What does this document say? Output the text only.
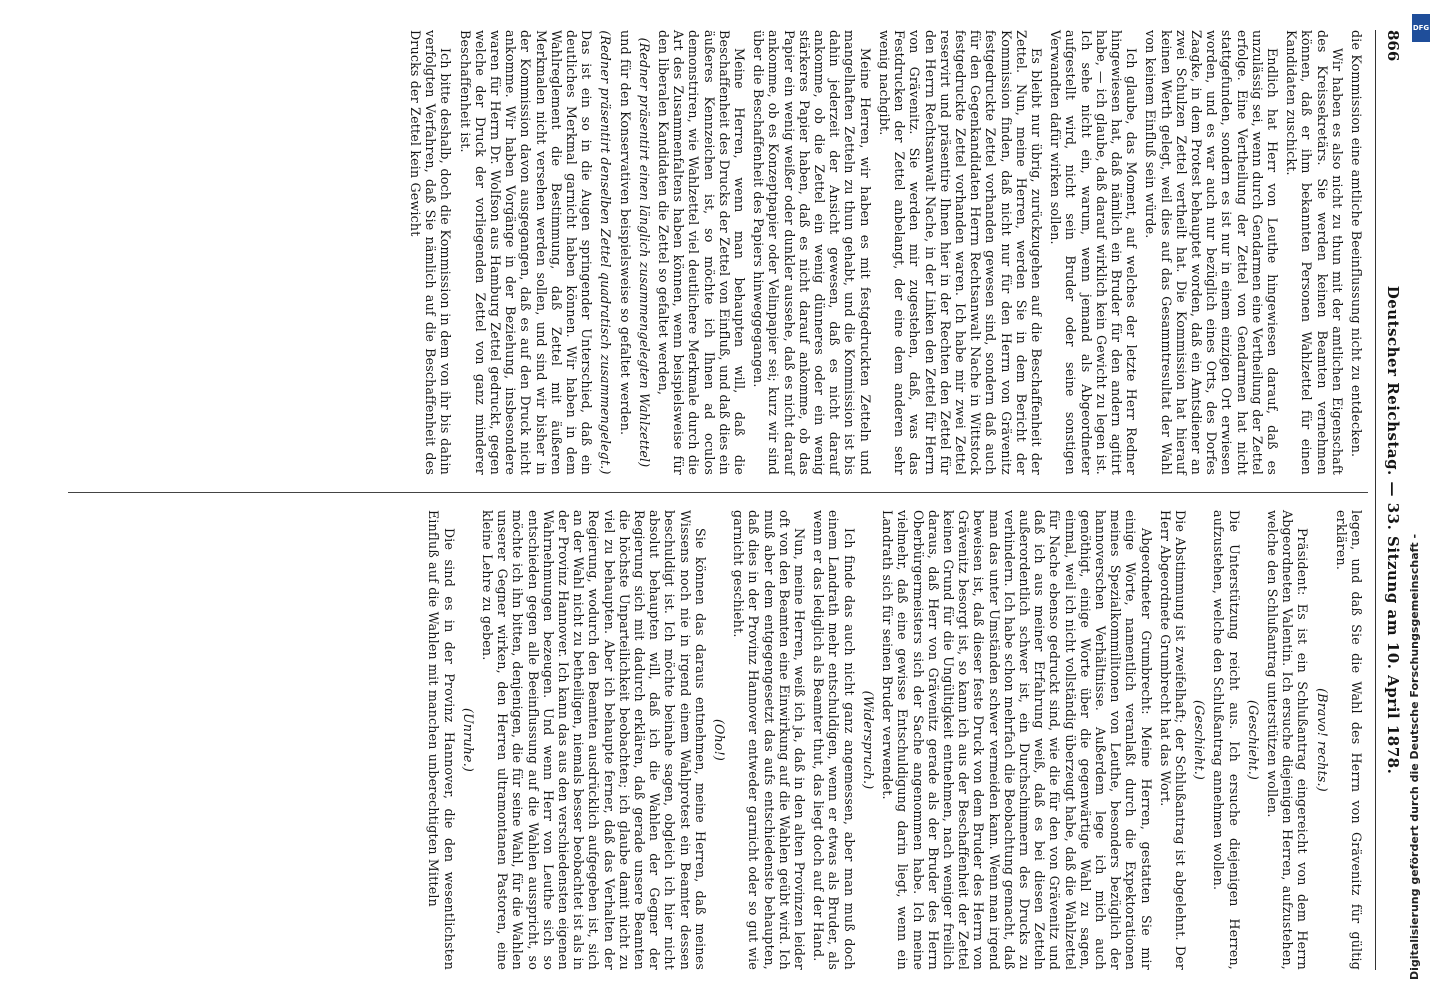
866
Deutscher Reichstag. — 33. Sitzung am 10. April 1878.

die Kommission eine amtliche Beeinflussung nicht zu entdecken.

Wir haben es also nicht zu thun mit der amtlichen Eigenschaft des Kreissekretärs. Sie werden keinen Beamten vernehmen können, daß er ihm bekannten Personen Wahlzettel für einen Kandidaten zuschickt.

Endlich hat Herr von Leuthe hingewiesen darauf, daß es unzulässig sei, wenn durch Gendarmen eine Vertheilung der Zettel erfolge. Eine Vertheilung der Zettel von Gendarmen hat nicht stattgefunden, sondern es ist nur in einem einzigen Ort erwiesen worden, und es war auch nur bezüglich eines Orts, des Dorfes Zaagke, in dem Protest behauptet worden, daß ein Amtsdiener an zwei Schulzen Zettel vertheilt hat. Die Kommission hat hierauf keinen Werth gelegt, weil dies auf das Gesammtresultat der Wahl von keinem Einfluß sein würde.

Ich glaube, das Moment, auf welches der letzte Herr Redner hingewiesen hat, daß nämlich ein Bruder für den andern agitirt habe, — ich glaube, daß darauf wirklich kein Gewicht zu legen ist. Ich sehe nicht ein, warum, wenn jemand als Abgeordneter aufgestellt wird, nicht sein Bruder oder seine sonstigen Verwandten dafür wirken sollen.

Es bleibt nur übrig, zurückzugehen auf die Beschaffenheit der Zettel. Nun, meine Herren, werden Sie in dem Bericht der Kommission finden, daß nicht nur für den Herrn von Grävenitz festgedruckte Zettel vorhanden gewesen sind, sondern daß auch für den Gegenkandidaten Herrn Rechtsanwalt Nache in Wittstock festgedruckte Zettel vorhanden waren. Ich habe mir zwei Zettel reservirt und präsentire Ihnen hier in der Rechten den Zettel für den Herrn Rechtsanwalt Nache, in der Linken den Zettel für Herrn von Grävenitz. Sie werden mir zugestehen, daß, was das Festdrucken der Zettel anbelangt, der eine dem anderen sehr wenig nachgibt.

Meine Herren, wir haben es mit festgedruckten Zetteln und mangelhaften Zetteln zu thun gehabt, und die Kommission ist bis dahin jederzeit der Ansicht gewesen, daß es nicht darauf ankomme, ob die Zettel ein wenig dünneres oder ein wenig stärkeres Papier haben, daß es nicht darauf ankomme, ob das Papier ein wenig weißer oder dunkler aussehe, daß es nicht darauf ankomme, ob es Konzeptpapier oder Velinpapier sei; kurz wir sind über die Beschaffenheit des Papiers hinweggegangen.

Meine Herren, wenn man behaupten will, daß die Beschaffenheit des Drucks der Zettel von Einfluß, und daß dies ein äußeres Kennzeichen ist, so möchte ich Ihnen ad oculos demonstriren, wie Wahlzettel viel deutlichere Merkmale durch die Art des Zusammenfaltens haben können, wenn beispielsweise für den liberalen Kandidaten die Zettel so gefaltet werden,

(Redner präsentirt einen länglich zusammengelegten Wahlzettel)

und für den Konservativen beispielsweise so gefaltet werden.

(Redner präsentirt denselben Zettel quadratisch zusammengelegt.)

Das ist ein so in die Augen springender Unterschied, daß ein deutliches Merkmal garnicht haben können. Wir haben in dem Wahlreglement die Bestimmung, daß Zettel mit äußeren Merkmalen nicht versehen werden sollen, und sind wir bisher in der Kommission davon ausgegangen, daß es auf den Druck nicht ankomme. Wir haben Vorgänge in der Beziehung, insbesondere waren für Herrn Dr. Wolfson aus Hamburg Zettel gedruckt, gegen welche der Druck der vorliegenden Zettel von ganz minderer Beschaffenheit ist.

Ich bitte deshalb, doch die Kommission in dem von ihr bis dahin verfolgten Verfahren, daß Sie nämlich auf die Beschaffenheit des Drucks der Zettel kein Gewicht

legen, und daß Sie die Wahl des Herrn von Grävenitz für gültig erklären.

(Bravo! rechts.)

Präsident: Es ist ein Schlußantrag eingereicht von dem Herrn Abgeordneten Valentin. Ich ersuche diejenigen Herren, aufzustehen, welche den Schlußantrag unterstützen wollen.

(Geschieht.)

Die Unterstützung reicht aus. Ich ersuche diejenigen Herren, aufzustehen, welche den Schlußantrag annehmen wollen.

(Geschieht.)

Die Abstimmung ist zweifelhaft; der Schlußantrag ist abgelehnt. Der Herr Abgeordnete Grumbrecht hat das Wort.

Abgeordneter Grumbrecht: Meine Herren, gestatten Sie mir einige Worte, namentlich veranlaßt durch die Expektorationen meines Spezialkommilitonen von Leuthe, besonders bezüglich der hannoverschen Verhältnisse. Außerdem lege ich mich auch genöthigt, einige Worte über die gegenwärtige Wahl zu sagen, einmal, weil ich nicht vollständig überzeugt habe, daß die Wahlzettel für Nache ebenso gedruckt sind, wie die für den von Grävenitz und daß ich aus meiner Erfahrung weiß, daß es bei diesen Zetteln außerordentlich schwer ist, ein Durchschimmern des Drucks zu verhindern. Ich habe schon mehrfach die Beobachtung gemacht, daß man das unter Umständen schwer vermeiden kann. Wenn man irgend beweisen ist, daß dieser feste Druck von dem Bruder des Herrn von Grävenitz besorgt ist, so kann ich aus der Beschaffenheit der Zettel keinen Grund für die Ungültigkeit entnehmen, nach weniger freilich daraus, daß Herr von Grävenitz gerade als der Bruder des Herrn Oberbürgermeisters sich der Sache angenommen habe. Ich meine vielmehr, daß eine gewisse Entschuldigung darin liegt, wenn ein Landrath sich für seinen Bruder verwendet.

(Widerspruch.)

Ich finde das auch nicht ganz angemessen, aber man muß doch einem Landrath mehr entschuldigen, wenn er etwas als Bruder, als wenn er das lediglich als Beamter thut, das liegt doch auf der Hand.

Nun, meine Herren, weiß ich ja, daß in den alten Provinzen leider oft von den Beamten eine Einwirkung auf die Wahlen geübt wird. Ich muß aber dem entgegengesetzt das aufs entschiedenste behaupten, daß dies in der Provinz Hannover entweder garnicht oder so gut wie garnicht geschieht.

(Oho!)

Sie können das daraus entnehmen, meine Herren, daß meines Wissens noch nie in irgend einem Wahlprotest ein Beamter dessen beschuldigt ist. Ich möchte beinahe sagen, obgleich ich hier nicht absolut behaupten will, daß ich die Wahlen der Gegner der Regierung sich mit dadurch erklären, daß gerade unsere Beamten die höchste Unparteilichkeit beobachten; ich glaube damit nicht zu viel zu behaupten. Aber ich behaupte ferner, daß das Verhalten der Regierung, wodurch den Beamten ausdrücklich aufgegeben ist, sich an der Wahl nicht zu betheiligen, niemals besser beobachtet ist als in der Provinz Hannover. Ich kann das aus den verschiedensten eigenen Wahrnehmungen bezeugen. Und wenn Herr von Leuthe sich so entschieden gegen alle Beeinflussung auf die Wahlen ausspricht, so möchte ich ihn bitten, denjenigen, die für seine Wahl, für die Wahlen unserer Gegner wirken, den Herren ultramontanen Pastoren, eine kleine Lehre zu geben.

(Unruhe.)

Die sind es in der Provinz Hannover, die den wesentlichsten Einfluß auf die Wahlen mit manchen unberechtigten Mitteln	Digitalisierung gefördert durch die Deutsche Forschungsgemeinschaft -
DFG
